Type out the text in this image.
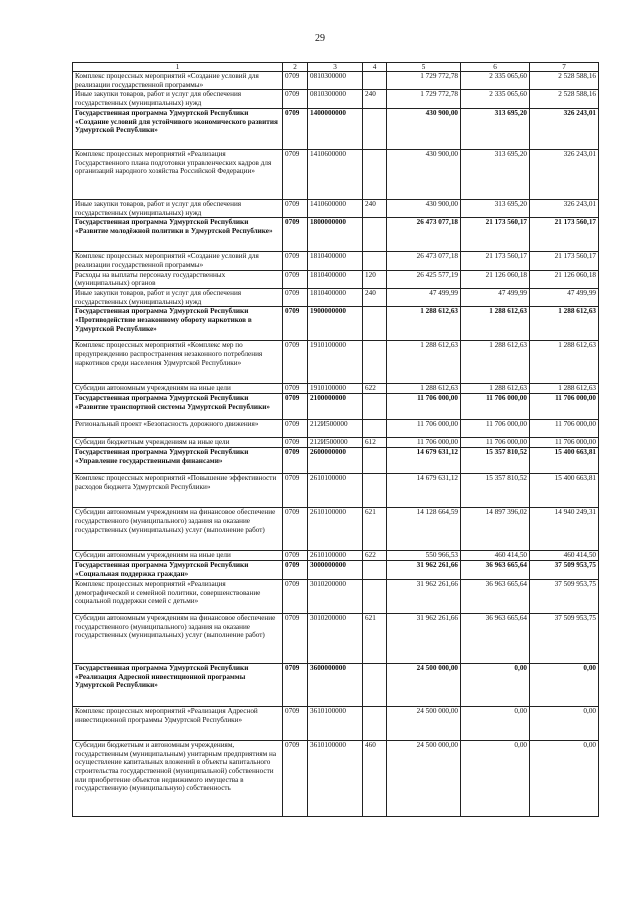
29
1	2	3	4	5	6	7
Комплекс процессных мероприятий «Создание условий для реализации государственной программы»	0709	0810300000		1 729 772,78	2 335 065,60	2 528 588,16
Иные закупки товаров, работ и услуг для обеспечения государственных (муниципальных) нужд	0709	0810300000	240	1 729 772,78	2 335 065,60	2 528 588,16
Государственная программа Удмуртской Республики «Создание условий для устойчивого экономического развития Удмуртской Республики»	0709	1400000000		430 900,00	313 695,20	326 243,01
Комплекс процессных мероприятий «Реализация Государственного плана подготовки управленческих кадров для организаций народного хозяйства Российской Федерации»	0709	1410600000		430 900,00	313 695,20	326 243,01
Иные закупки товаров, работ и услуг для обеспечения государственных (муниципальных) нужд	0709	1410600000	240	430 900,00	313 695,20	326 243,01
Государственная программа Удмуртской Республики «Развитие молодёжной политики в Удмуртской Республике»	0709	1800000000		26 473 077,18	21 173 560,17	21 173 560,17
Комплекс процессных мероприятий «Создание условий для реализации государственной программы»	0709	1810400000		26 473 077,18	21 173 560,17	21 173 560,17
Расходы на выплаты персоналу государственных (муниципальных) органов	0709	1810400000	120	26 425 577,19	21 126 060,18	21 126 060,18
Иные закупки товаров, работ и услуг для обеспечения государственных (муниципальных) нужд	0709	1810400000	240	47 499,99	47 499,99	47 499,99
Государственная программа Удмуртской Республики «Противодействие незаконному обороту наркотиков в Удмуртской Республике»	0709	1900000000		1 288 612,63	1 288 612,63	1 288 612,63
Комплекс процессных мероприятий «Комплекс мер по предупреждению распространения незаконного потребления наркотиков среди населения Удмуртской Республики»	0709	1910100000		1 288 612,63	1 288 612,63	1 288 612,63
Субсидии автономным учреждениям на иные цели	0709	1910100000	622	1 288 612,63	1 288 612,63	1 288 612,63
Государственная программа Удмуртской Республики «Развитие транспортной системы Удмуртской Республики»	0709	2100000000		11 706 000,00	11 706 000,00	11 706 000,00
Региональный проект «Безопасность дорожного движения»	0709	212И500000		11 706 000,00	11 706 000,00	11 706 000,00
Субсидии бюджетным учреждениям на иные цели	0709	212И500000	612	11 706 000,00	11 706 000,00	11 706 000,00
Государственная программа Удмуртской Республики «Управление государственными финансами»	0709	2600000000		14 679 631,12	15 357 810,52	15 400 663,81
Комплекс процессных мероприятий «Повышение эффективности расходов бюджета Удмуртской Республики»	0709	2610100000		14 679 631,12	15 357 810,52	15 400 663,81
Субсидии автономным учреждениям на финансовое обеспечение государственного (муниципального) задания на оказание государственных (муниципальных) услуг (выполнение работ)	0709	2610100000	621	14 128 664,59	14 897 396,02	14 940 249,31
Субсидии автономным учреждениям на иные цели	0709	2610100000	622	550 966,53	460 414,50	460 414,50
Государственная программа Удмуртской Республики «Социальная поддержка граждан»	0709	3000000000		31 962 261,66	36 963 665,64	37 509 953,75
Комплекс процессных мероприятий «Реализация демографической и семейной политики, совершенствование социальной поддержки семей с детьми»	0709	3010200000		31 962 261,66	36 963 665,64	37 509 953,75
Субсидии автономным учреждениям на финансовое обеспечение государственного (муниципального) задания на оказание государственных (муниципальных) услуг (выполнение работ)	0709	3010200000	621	31 962 261,66	36 963 665,64	37 509 953,75
Государственная программа Удмуртской Республики «Реализация Адресной инвестиционной программы Удмуртской Республики»	0709	3600000000		24 500 000,00	0,00	0,00
Комплекс процессных мероприятий «Реализация Адресной инвестиционной программы Удмуртской Республики»	0709	3610100000		24 500 000,00	0,00	0,00
Субсидии бюджетным и автономным учреждениям, государственным (муниципальным) унитарным предприятиям на осуществление капитальных вложений в объекты капитального строительства государственной (муниципальной) собственности или приобретение объектов недвижимого имущества в государственную (муниципальную) собственность	0709	3610100000	460	24 500 000,00	0,00	0,00
